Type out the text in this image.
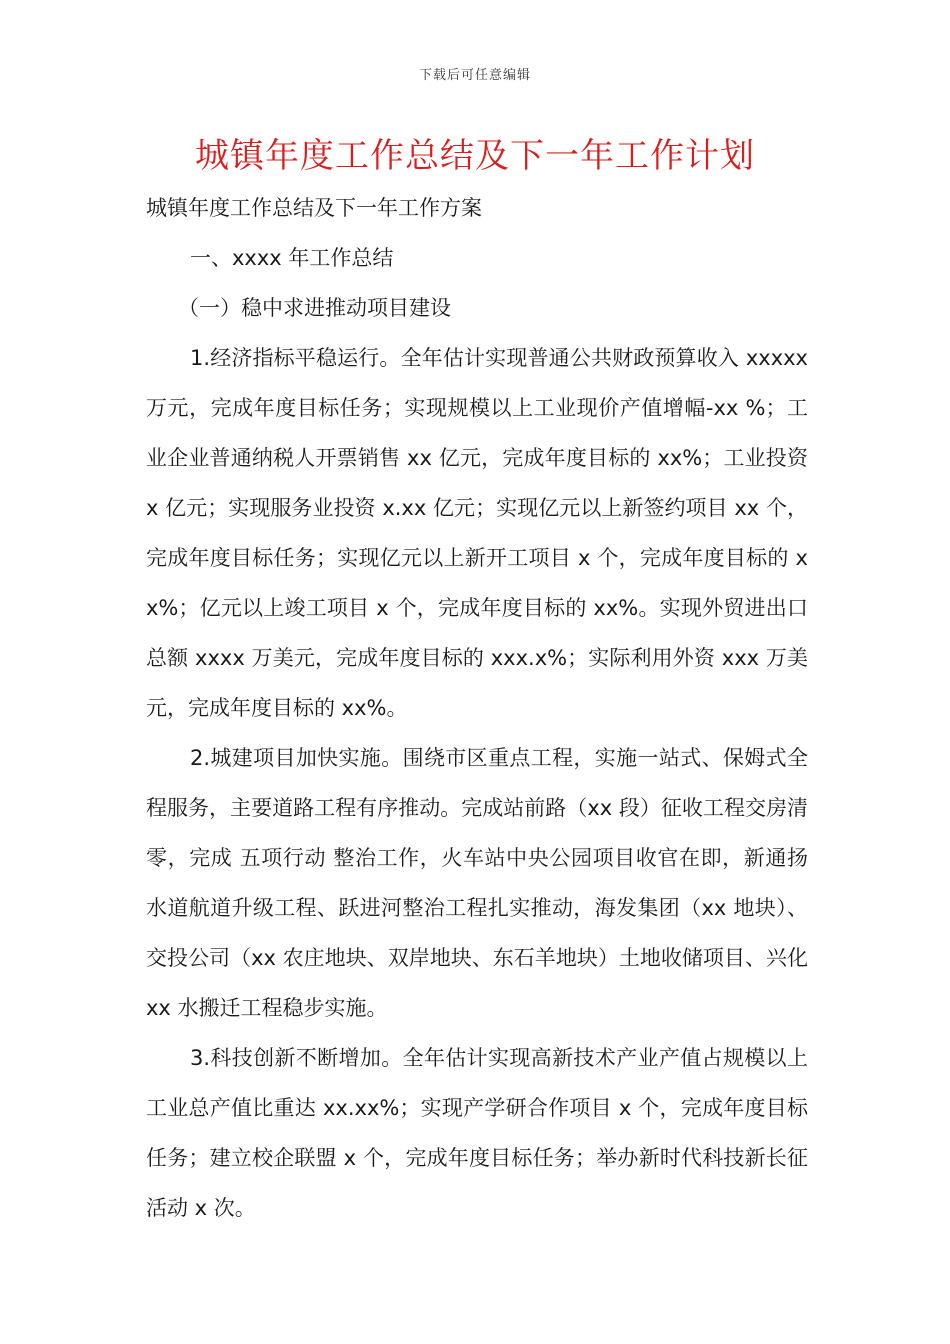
下载后可任意编辑
城镇年度工作总结及下一年工作计划

城镇年度工作总结及下一年工作方案

一、xxxx 年工作总结

（一）稳中求进推动项目建设

1.经济指标平稳运行。全年估计实现普通公共财政预算收入 xxxxx 万元，完成年度目标任务；实现规模以上工业现价产值增幅-xx %；工业企业普通纳税人开票销售 xx 亿元，完成年度目标的 xx%；工业投资 x 亿元；实现服务业投资 x.xx 亿元；实现亿元以上新签约项目 xx 个，完成年度目标任务；实现亿元以上新开工项目 x 个，完成年度目标的 xx%；亿元以上竣工项目 x 个，完成年度目标的 xx%。实现外贸进出口总额 xxxx 万美元，完成年度目标的 xxx.x%；实际利用外资 xxx 万美元，完成年度目标的 xx%。

2.城建项目加快实施。围绕市区重点工程，实施一站式、保姆式全程服务，主要道路工程有序推动。完成站前路（xx 段）征收工程交房清零，完成 五项行动 整治工作，火车站中央公园项目收官在即，新通扬水道航道升级工程、跃进河整治工程扎实推动，海发集团（xx 地块）、交投公司（xx 农庄地块、双岸地块、东石羊地块）土地收储项目、兴化 xx 水搬迁工程稳步实施。

3.科技创新不断增加。全年估计实现高新技术产业产值占规模以上工业总产值比重达 xx.xx%；实现产学研合作项目 x 个，完成年度目标任务；建立校企联盟 x 个，完成年度目标任务；举办新时代科技新长征活动 x 次。
